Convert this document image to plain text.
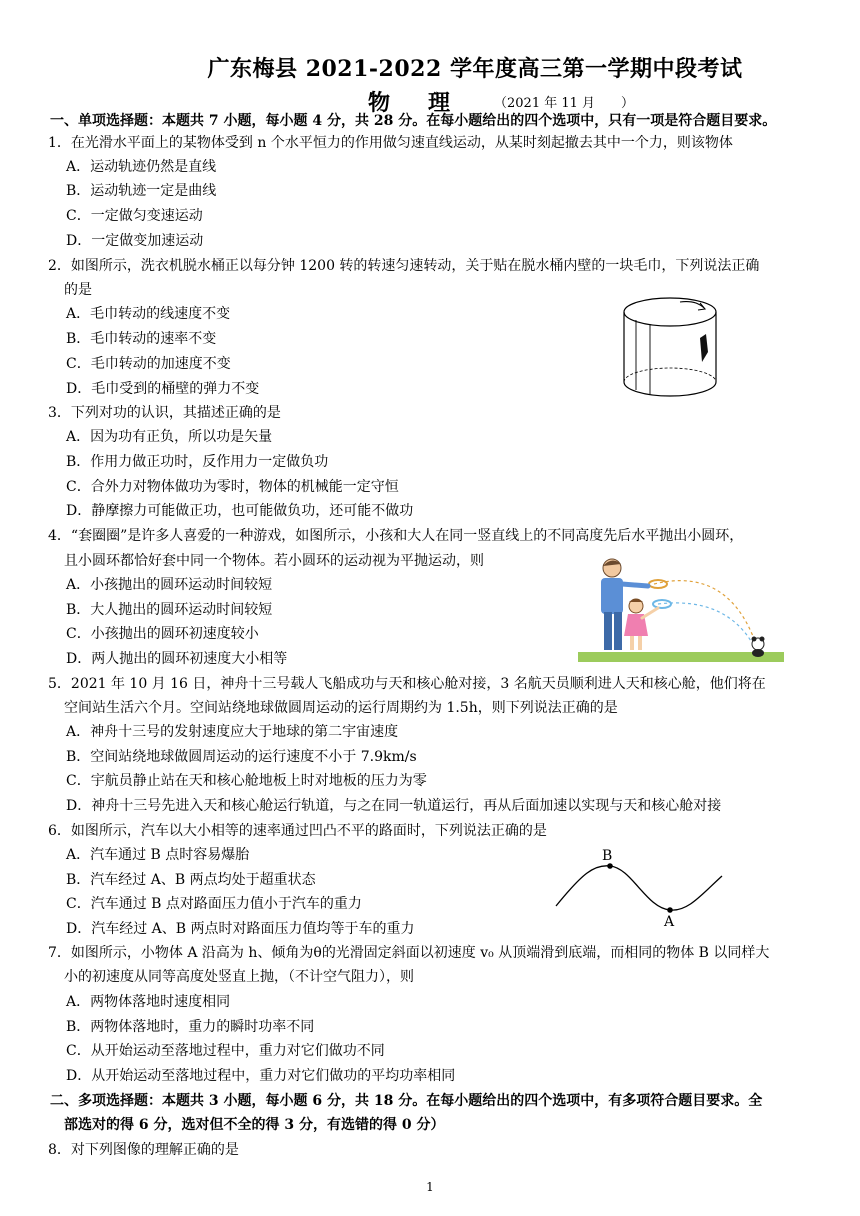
广东梅县 2021-2022 学年度高三第一学期中段考试
物 理	（2021 年 11 月　　）
一、单项选择题：本题共 7 小题，每小题 4 分，共 28 分。在每小题给出的四个选项中，只有一项是符合题目要求。
1．在光滑水平面上的某物体受到 n 个水平恒力的作用做匀速直线运动，从某时刻起撤去其中一个力，则该物体
A．运动轨迹仍然是直线
B．运动轨迹一定是曲线
C．一定做匀变速运动
D．一定做变加速运动
2．如图所示，洗衣机脱水桶正以每分钟 1200 转的转速匀速转动，关于贴在脱水桶内壁的一块毛巾，下列说法正确
的是
A．毛巾转动的线速度不变
B．毛巾转动的速率不变
C．毛巾转动的加速度不变
D．毛巾受到的桶壁的弹力不变
3．下列对功的认识，其描述正确的是
A．因为功有正负，所以功是矢量
B．作用力做正功时，反作用力一定做负功
C．合外力对物体做功为零时，物体的机械能一定守恒
D．静摩擦力可能做正功，也可能做负功，还可能不做功
4．“套圈圈”是许多人喜爱的一种游戏，如图所示，小孩和大人在同一竖直线上的不同高度先后水平抛出小圆环，
且小圆环都恰好套中同一个物体。若小圆环的运动视为平抛运动，则
A．小孩抛出的圆环运动时间较短
B．大人抛出的圆环运动时间较短
C．小孩抛出的圆环初速度较小
D．两人抛出的圆环初速度大小相等
5．2021 年 10 月 16 日，神舟十三号载人飞船成功与天和核心舱对接，3 名航天员顺利进人天和核心舱，他们将在
空间站生活六个月。空间站绕地球做圆周运动的运行周期约为 1.5h，则下列说法正确的是
A．神舟十三号的发射速度应大于地球的第二宇宙速度
B．空间站绕地球做圆周运动的运行速度不小于 7.9km/s
C．宇航员静止站在天和核心舱地板上时对地板的压力为零
D．神舟十三号先进入天和核心舱运行轨道，与之在同一轨道运行，再从后面加速以实现与天和核心舱对接
6．如图所示，汽车以大小相等的速率通过凹凸不平的路面时，下列说法正确的是
A．汽车通过 B 点时容易爆胎
B．汽车经过 A、B 两点均处于超重状态
C．汽车通过 B 点对路面压力值小于汽车的重力
D．汽车经过 A、B 两点时对路面压力值均等于车的重力
B
A
7．如图所示，小物体 A 沿高为 h、倾角为θ的光滑固定斜面以初速度 v₀ 从顶端滑到底端，而相同的物体 B 以同样大
小的初速度从同等高度处竖直上抛，（不计空气阻力），则
A．两物体落地时速度相同
B．两物体落地时，重力的瞬时功率不同
C．从开始运动至落地过程中，重力对它们做功不同
D．从开始运动至落地过程中，重力对它们做功的平均功率相同
二、多项选择题：本题共 3 小题，每小题 6 分，共 18 分。在每小题给出的四个选项中，有多项符合题目要求。全
部选对的得 6 分，选对但不全的得 3 分，有选错的得 0 分）
8．对下列图像的理解正确的是
1
